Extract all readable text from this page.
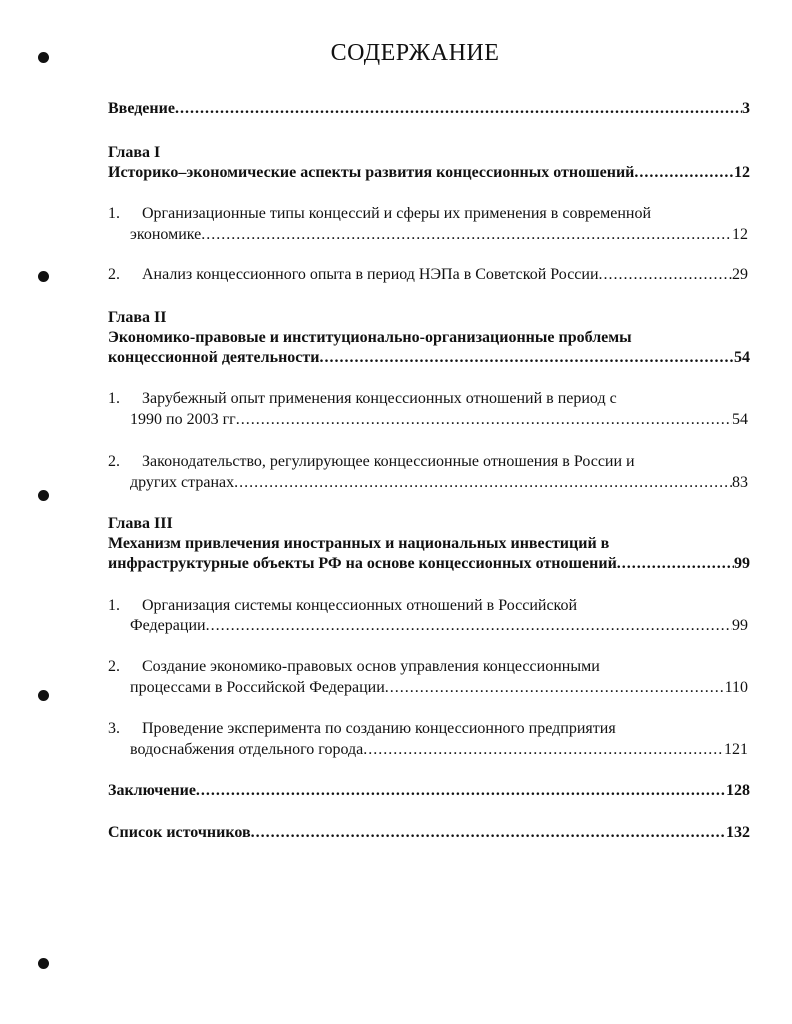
СОДЕРЖАНИЕ
Введение .....	3
Глава I
Историко–экономические аспекты развития концессионных отношений .....	12
1. Организационные типы концессий и сферы их применения в современной
экономике .....	12
2. Анализ концессионного опыта в период НЭПа в Советской России .....	29
Глава II
Экономико-правовые и институционально-организационные проблемы
концессионной деятельности .....	54
1. Зарубежный опыт применения концессионных отношений в период с
1990 по 2003 гг .....	54
2. Законодательство, регулирующее концессионные отношения в России и
других странах .....	83
Глава III
Механизм привлечения иностранных и национальных инвестиций в
инфраструктурные объекты РФ на основе концессионных отношений .....	99
1. Организация системы концессионных отношений в Российской
Федерации .....	99
2. Создание экономико-правовых основ управления концессионными
процессами в Российской Федерации .....	110
3. Проведение эксперимента по созданию концессионного предприятия
водоснабжения отдельного города .....	121
Заключение .....	128
Список источников .....	132
